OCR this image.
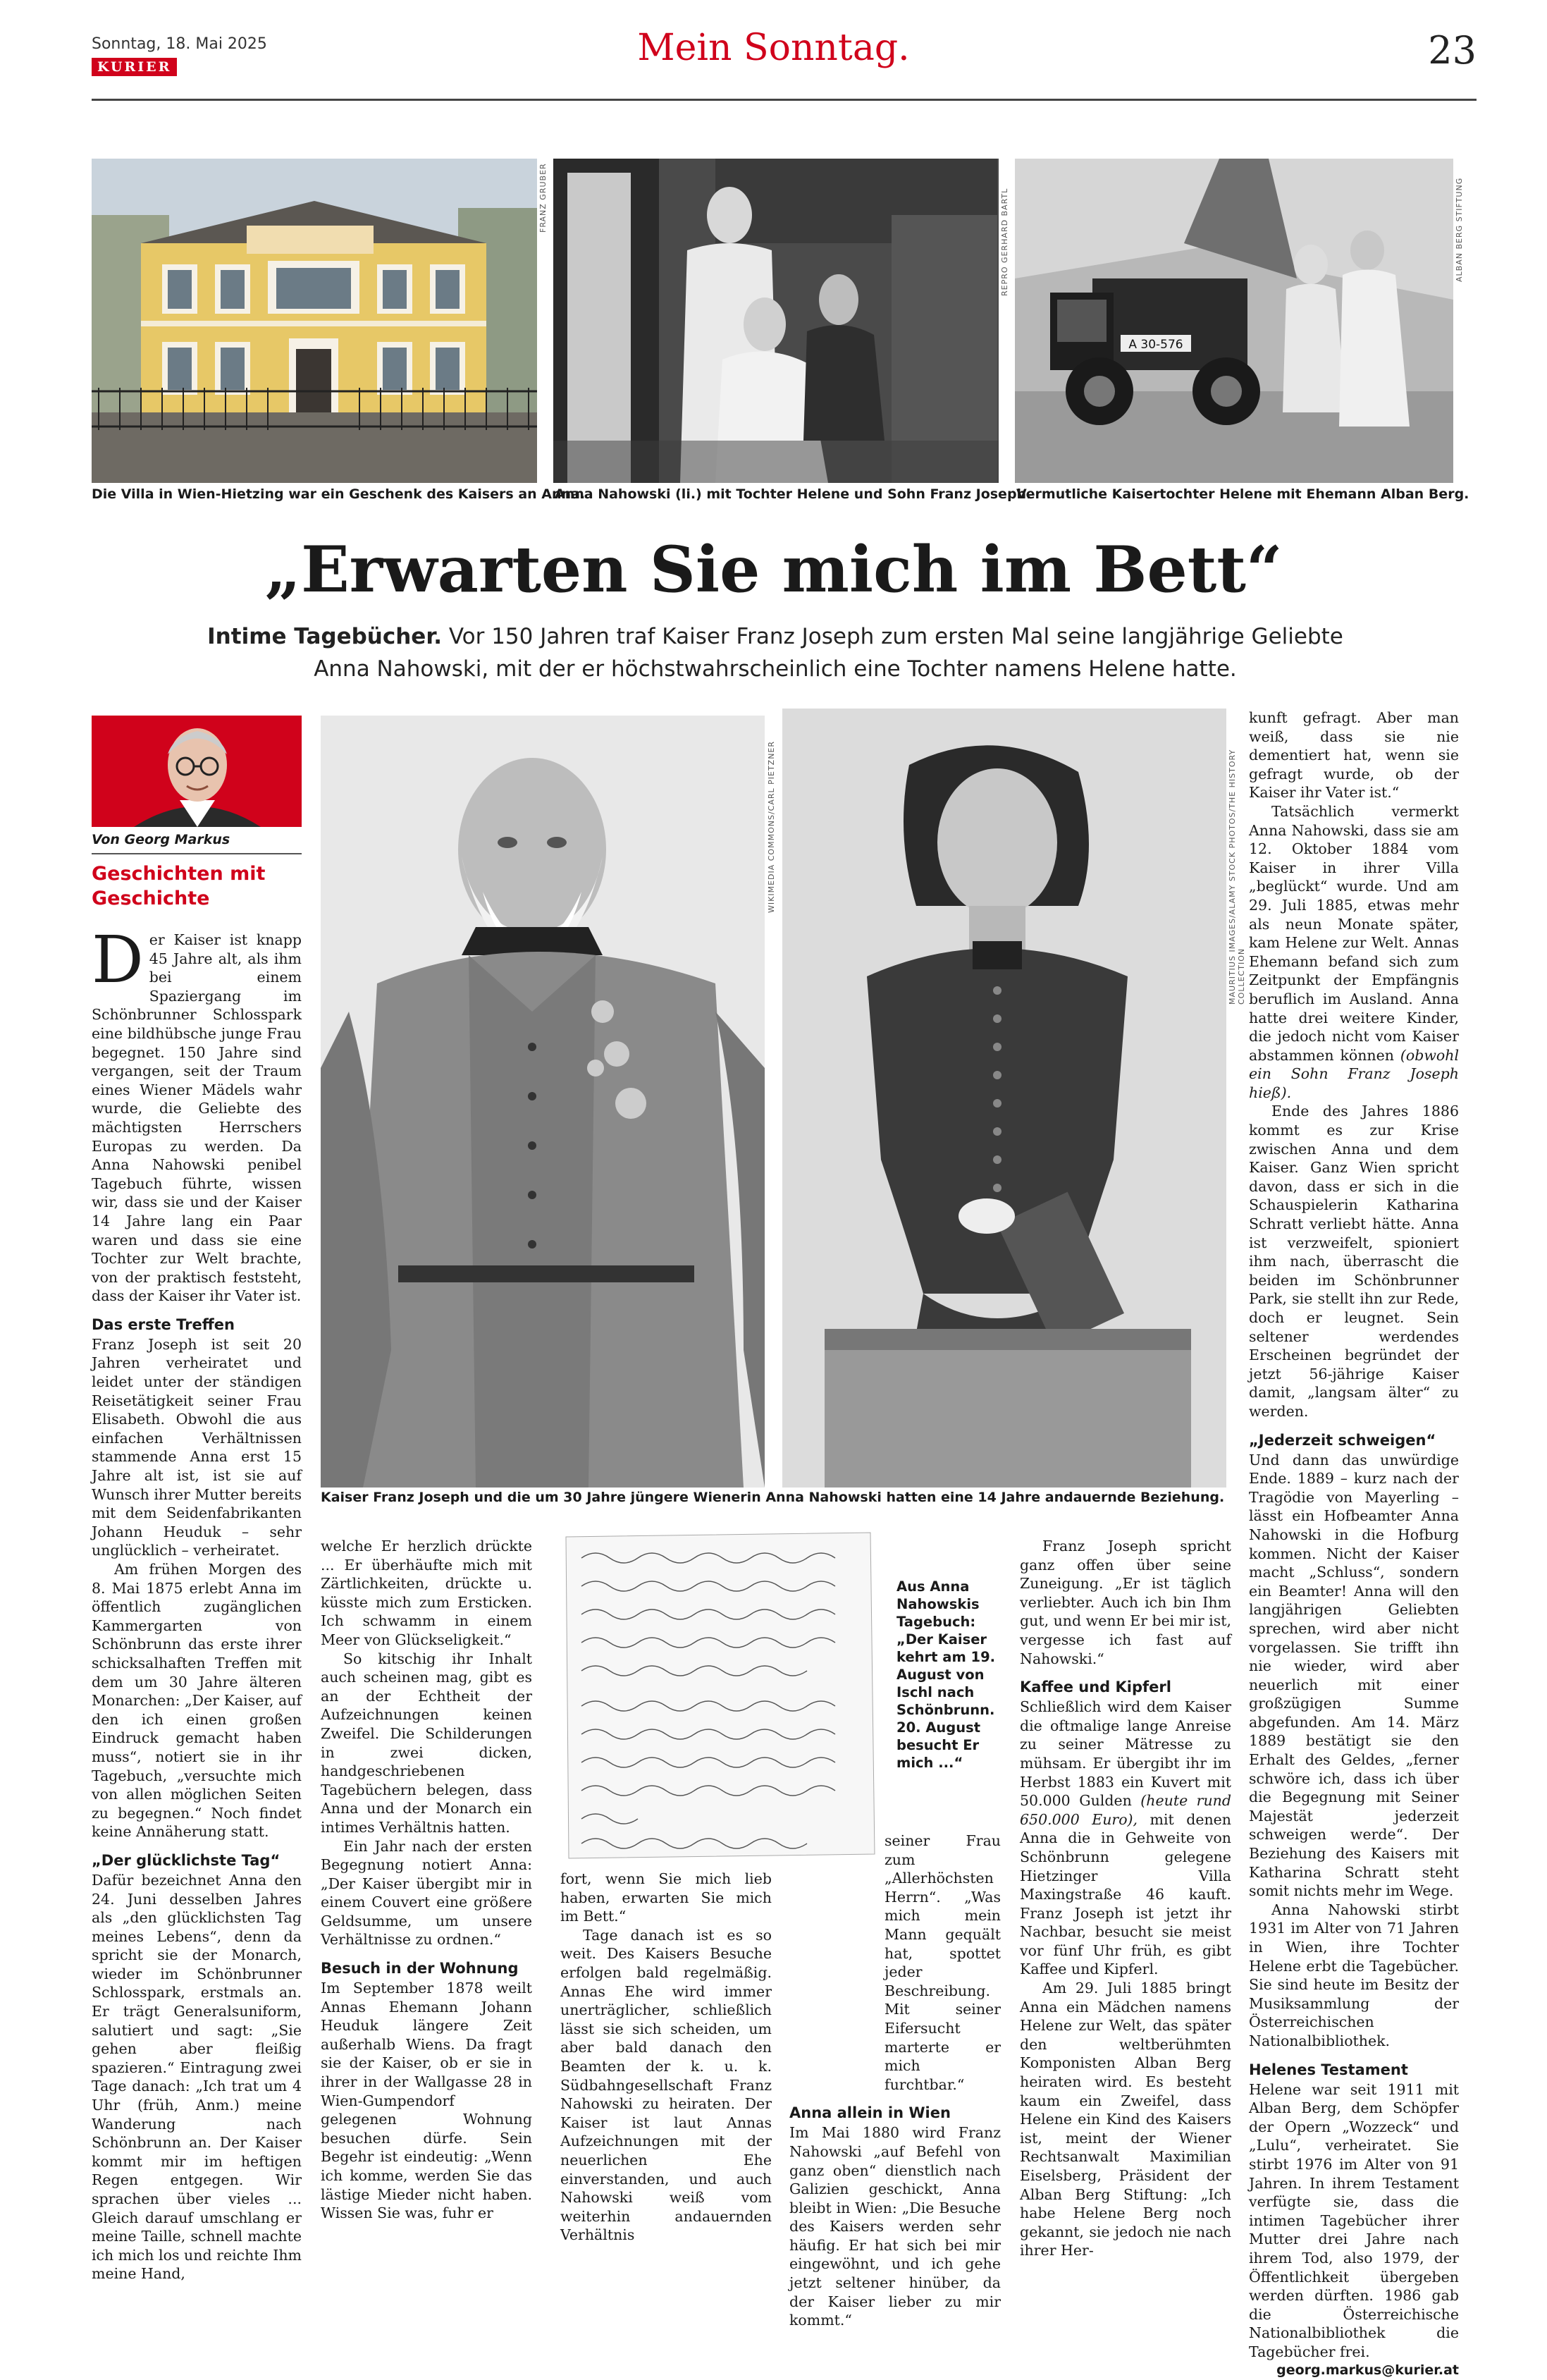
Sonntag, 18. Mai 2025
KURIER	Mein Sonntag.	23
FRANZ GRUBER
Die Villa in Wien-Hietzing war ein Geschenk des Kaisers an Anna.
REPRO GERHARD BARTL
Anna Nahowski (li.) mit Tochter Helene und Sohn Franz Joseph.
A 30-576
ALBAN BERG STIFTUNG
Vermutliche Kaisertochter Helene mit Ehemann Alban Berg.
„Erwarten Sie mich im Bett“
Intime Tagebücher. Vor 150 Jahren traf Kaiser Franz Joseph zum ersten Mal seine langjährige Geliebte Anna Nahowski, mit der er höchstwahrscheinlich eine Tochter namens Helene hatte.
Von Georg Markus
Geschichten mit Geschichte	WIKIMEDIA COMMONS/CARL PIETZNER	MAURITIUS IMAGES/ALAMY STOCK PHOTOS/THE HISTORY COLLECTION
Kaiser Franz Joseph und die um 30 Jahre jüngere Wienerin Anna Nahowski hatten eine 14 Jahre andauernde Beziehung.

Der Kaiser ist knapp 45 Jahre alt, als ihm bei einem Spaziergang im Schönbrunner Schlosspark eine bildhübsche junge Frau begegnet. 150 Jahre sind vergangen, seit der Traum eines Wiener Mädels wahr wurde, die Geliebte des mächtigsten Herrschers Europas zu werden. Da Anna Nahowski penibel Tagebuch führte, wissen wir, dass sie und der Kaiser 14 Jahre lang ein Paar waren und dass sie eine Tochter zur Welt brachte, von der praktisch feststeht, dass der Kaiser ihr Vater ist.

Das erste Treffen

Franz Joseph ist seit 20 Jahren verheiratet und leidet unter der ständigen Reisetätigkeit seiner Frau Elisabeth. Obwohl die aus einfachen Verhältnissen stammende Anna erst 15 Jahre alt ist, ist sie auf Wunsch ihrer Mutter bereits mit dem Seidenfabrikanten Johann Heuduk – sehr unglücklich – verheiratet.

Am frühen Morgen des 8. Mai 1875 erlebt Anna im öffentlich zugänglichen Kammergarten von Schönbrunn das erste ihrer schicksalhaften Treffen mit dem um 30 Jahre älteren Monarchen: „Der Kaiser, auf den ich einen großen Eindruck gemacht haben muss“, notiert sie in ihr Tagebuch, „versuchte mich von allen möglichen Seiten zu begegnen.“ Noch findet keine Annäherung statt.

„Der glücklichste Tag“

Dafür bezeichnet Anna den 24. Juni desselben Jahres als „den glücklichsten Tag meines Lebens“, denn da spricht sie der Monarch, wieder im Schönbrunner Schlosspark, erstmals an. Er trägt Generalsuniform, salutiert und sagt: „Sie gehen aber fleißig spazieren.“ Eintragung zwei Tage danach: „Ich trat um 4 Uhr (früh, Anm.) meine Wanderung nach Schönbrunn an. Der Kaiser kommt mir im heftigen Regen entgegen. Wir sprachen über vieles ... Gleich darauf umschlang er meine Taille, schnell machte ich mich los und reichte Ihm meine Hand,

welche Er herzlich drückte ... Er überhäufte mich mit Zärtlichkeiten, drückte u. küsste mich zum Ersticken. Ich schwamm in einem Meer von Glückseligkeit.“

So kitschig ihr Inhalt auch scheinen mag, gibt es an der Echtheit der Aufzeichnungen keinen Zweifel. Die Schilderungen in zwei dicken, handgeschriebenen Tagebüchern belegen, dass Anna und der Monarch ein intimes Verhältnis hatten.

Ein Jahr nach der ersten Begegnung notiert Anna: „Der Kaiser übergibt mir in einem Couvert eine größere Geldsumme, um unsere Verhältnisse zu ordnen.“

Besuch in der Wohnung

Im September 1878 weilt Annas Ehemann Johann Heuduk längere Zeit außerhalb Wiens. Da fragt sie der Kaiser, ob er sie in ihrer in der Wallgasse 28 in Wien-Gumpendorf gelegenen Wohnung besuchen dürfe. Sein Begehr ist eindeutig: „Wenn ich komme, werden Sie das lästige Mieder nicht haben. Wissen Sie was, fuhr er

Aus Anna Nahowskis Tagebuch: „Der Kaiser kehrt am 19. August von Ischl nach Schönbrunn. 20. August besucht Er mich ...“

fort, wenn Sie mich lieb haben, erwarten Sie mich im Bett.“

Tage danach ist es so weit. Des Kaisers Besuche erfolgen bald regelmäßig. Annas Ehe wird immer unerträglicher, schließlich lässt sie sich scheiden, um aber bald danach den Beamten der k. u. k. Südbahngesellschaft Franz Nahowski zu heiraten. Der Kaiser ist laut Annas Aufzeichnungen mit der neuerlichen Ehe einverstanden, und auch Nahowski weiß vom weiterhin andauernden Verhältnis

seiner Frau zum „Allerhöchsten Herrn“. „Was mich mein Mann gequält hat, spottet jeder Beschreibung. Mit seiner Eifersucht marterte er mich furchtbar.“

Anna allein in Wien

Im Mai 1880 wird Franz Nahowski „auf Befehl von ganz oben“ dienstlich nach Galizien geschickt, Anna bleibt in Wien: „Die Besuche des Kaisers werden sehr häufig. Er hat sich bei mir eingewöhnt, und ich gehe jetzt seltener hinüber, da der Kaiser lieber zu mir kommt.“

Franz Joseph spricht ganz offen über seine Zuneigung. „Er ist täglich verliebter. Auch ich bin Ihm gut, und wenn Er bei mir ist, vergesse ich fast auf Nahowski.“

Kaffee und Kipferl

Schließlich wird dem Kaiser die oftmalige lange Anreise zu seiner Mätresse zu mühsam. Er übergibt ihr im Herbst 1883 ein Kuvert mit 50.000 Gulden (heute rund 650.000 Euro), mit denen Anna die in Gehweite von Schönbrunn gelegene Hietzinger Villa Maxingstraße 46 kauft. Franz Joseph ist jetzt ihr Nachbar, besucht sie meist vor fünf Uhr früh, es gibt Kaffee und Kipferl.

Am 29. Juli 1885 bringt Anna ein Mädchen namens Helene zur Welt, das später den weltberühmten Komponisten Alban Berg heiraten wird. Es besteht kaum ein Zweifel, dass Helene ein Kind des Kaisers ist, meint der Wiener Rechtsanwalt Maximilian Eiselsberg, Präsident der Alban Berg Stiftung: „Ich habe Helene Berg noch gekannt, sie jedoch nie nach ihrer Her-

kunft gefragt. Aber man weiß, dass sie nie dementiert hat, wenn sie gefragt wurde, ob der Kaiser ihr Vater ist.“

Tatsächlich vermerkt Anna Nahowski, dass sie am 12. Oktober 1884 vom Kaiser in ihrer Villa „beglückt“ wurde. Und am 29. Juli 1885, etwas mehr als neun Monate später, kam Helene zur Welt. Annas Ehemann befand sich zum Zeitpunkt der Empfängnis beruflich im Ausland. Anna hatte drei weitere Kinder, die jedoch nicht vom Kaiser abstammen können (obwohl ein Sohn Franz Joseph hieß).

Ende des Jahres 1886 kommt es zur Krise zwischen Anna und dem Kaiser. Ganz Wien spricht davon, dass er sich in die Schauspielerin Katharina Schratt verliebt hätte. Anna ist verzweifelt, spioniert ihm nach, überrascht die beiden im Schönbrunner Park, sie stellt ihn zur Rede, doch er leugnet. Sein seltener werdendes Erscheinen begründet der jetzt 56-jährige Kaiser damit, „langsam älter“ zu werden.

„Jederzeit schweigen“

Und dann das unwürdige Ende. 1889 – kurz nach der Tragödie von Mayerling – lässt ein Hofbeamter Anna Nahowski in die Hofburg kommen. Nicht der Kaiser macht „Schluss“, sondern ein Beamter! Anna will den langjährigen Geliebten sprechen, wird aber nicht vorgelassen. Sie trifft ihn nie wieder, wird aber neuerlich mit einer großzügigen Summe abgefunden. Am 14. März 1889 bestätigt sie den Erhalt des Geldes, „ferner schwöre ich, dass ich über die Begegnung mit Seiner Majestät jederzeit schweigen werde“. Der Beziehung des Kaisers mit Katharina Schratt steht somit nichts mehr im Wege.

Anna Nahowski stirbt 1931 im Alter von 71 Jahren in Wien, ihre Tochter Helene erbt die Tagebücher. Sie sind heute im Besitz der Musiksammlung der Österreichischen Nationalbibliothek.

Helenes Testament

Helene war seit 1911 mit Alban Berg, dem Schöpfer der Opern „Wozzeck“ und „Lulu“, verheiratet. Sie stirbt 1976 im Alter von 91 Jahren. In ihrem Testament verfügte sie, dass die intimen Tagebücher ihrer Mutter drei Jahre nach ihrem Tod, also 1979, der Öffentlichkeit übergeben werden dürften. 1986 gab die Österreichische Nationalbibliothek die Tagebücher frei.

georg.markus@kurier.at
